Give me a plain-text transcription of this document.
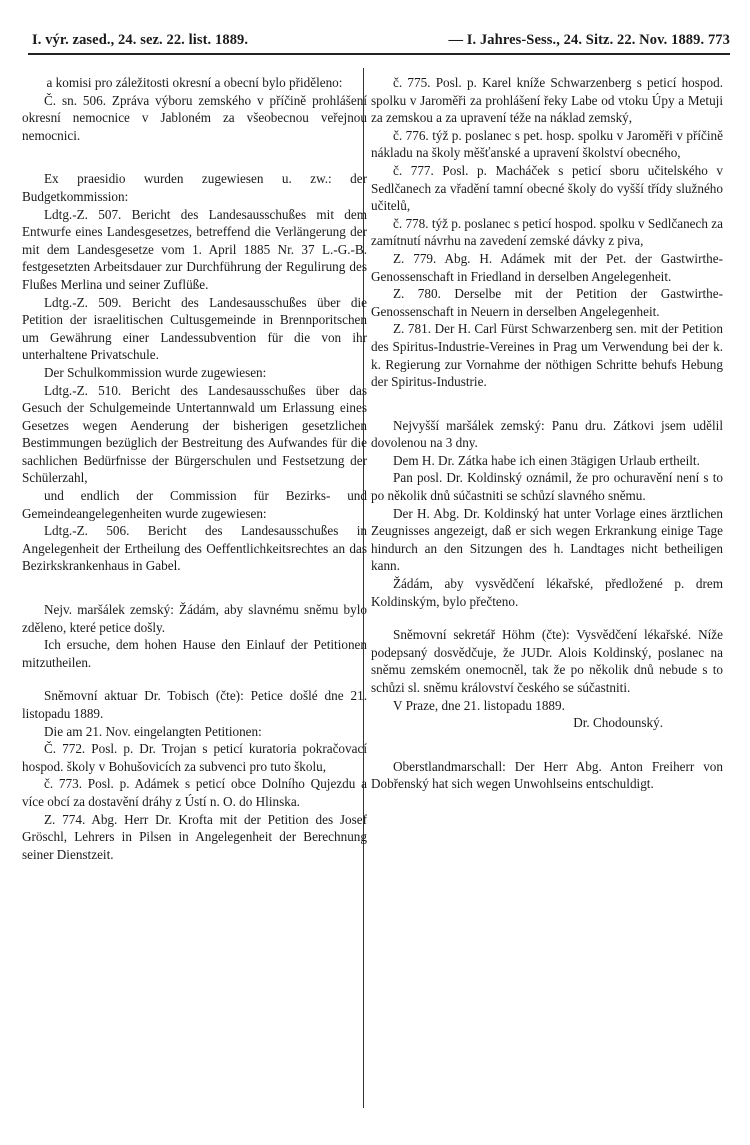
I. výr. zased., 24. sez. 22. list. 1889.	— I. Jahres-Sess., 24. Sitz. 22. Nov. 1889. 773

a komisi pro záležitosti okresní a obecní bylo přiděleno:

Č. sn. 506. Zpráva výboru zemského v příčině prohlášení okresní nemocnice v Jabloném za všeobecnou veřejnou nemocnici.

Ex praesidio wurden zugewiesen u. zw.: der Budgetkommission:

Ldtg.-Z. 507. Bericht des Landesausschußes mit dem Entwurfe eines Landesgesetzes, betreffend die Verlängerung der mit dem Landesgesetze vom 1. April 1885 Nr. 37 L.-G.-B. festgesetzten Arbeitsdauer zur Durchführung der Regulirung des Flußes Merlina und seiner Zuflüße.

Ldtg.-Z. 509. Bericht des Landesausschußes über die Petition der israelitischen Cultusgemeinde in Brennporitschen um Gewährung einer Landessubvention für die von ihr unterhaltene Privatschule.

Der Schulkommission wurde zugewiesen:

Ldtg.-Z. 510. Bericht des Landesausschußes über das Gesuch der Schulgemeinde Untertannwald um Erlassung eines Gesetzes wegen Aenderung der bisherigen gesetzlichen Bestimmungen bezüglich der Bestreitung des Aufwandes für die sachlichen Bedürfnisse der Bürgerschulen und Festsetzung der Schülerzahl,

und endlich der Commission für Bezirks- und Gemeindeangelegenheiten wurde zugewiesen:

Ldtg.-Z. 506. Bericht des Landesausschußes in Angelegenheit der Ertheilung des Oeffentlichkeitsrechtes an das Bezirkskrankenhaus in Gabel.

Nejv. maršálek zemský: Žádám, aby slavnému sněmu bylo zděleno, které petice došly.

Ich ersuche, dem hohen Hause den Einlauf der Petitionen mitzutheilen.

Sněmovní aktuar Dr. Tobisch (čte): Petice došlé dne 21. listopadu 1889.

Die am 21. Nov. eingelangten Petitionen:

Č. 772. Posl. p. Dr. Trojan s peticí kuratoria pokračovací hospod. školy v Bohušovicích za subvenci pro tuto školu,

č. 773. Posl. p. Adámek s peticí obce Dolního Qujezdu a více obcí za dostavění dráhy z Ústí n. O. do Hlinska.

Z. 774. Abg. Herr Dr. Krofta mit der Petition des Josef Gröschl, Lehrers in Pilsen in Angelegenheit der Berechnung seiner Dienstzeit.

č. 775. Posl. p. Karel kníže Schwarzenberg s peticí hospod. spolku v Jaroměři za prohlášení řeky Labe od vtoku Úpy a Metuji za zemskou a za upravení téže na náklad zemský,

č. 776. týž p. poslanec s pet. hosp. spolku v Jaroměři v příčině nákladu na školy měšťanské a upravení školství obecného,

č. 777. Posl. p. Macháček s peticí sboru učitelského v Sedlčanech za vřadění tamní obecné školy do vyšší třídy služného učitelů,

č. 778. týž p. poslanec s peticí hospod. spolku v Sedlčanech za zamítnutí návrhu na zavedení zemské dávky z piva,

Z. 779. Abg. H. Adámek mit der Pet. der Gastwirthe-Genossenschaft in Friedland in derselben Angelegenheit.

Z. 780. Derselbe mit der Petition der Gastwirthe-Genossenschaft in Neuern in derselben Angelegenheit.

Z. 781. Der H. Carl Fürst Schwarzenberg sen. mit der Petition des Spiritus-Industrie-Vereines in Prag um Verwendung bei der k. k. Regierung zur Vornahme der nöthigen Schritte behufs Hebung der Spiritus-Industrie.

Nejvyšší maršálek zemský: Panu dru. Zátkovi jsem udělil dovolenou na 3 dny.

Dem H. Dr. Zátka habe ich einen 3tägigen Urlaub ertheilt.

Pan posl. Dr. Koldinský oznámil, že pro ochuravění není s to po několik dnů súčastniti se schůzí slavného sněmu.

Der H. Abg. Dr. Koldinský hat unter Vorlage eines ärztlichen Zeugnisses angezeigt, daß er sich wegen Erkrankung einige Tage hindurch an den Sitzungen des h. Landtages nicht betheiligen kann.

Žádám, aby vysvědčení lékařské, předložené p. drem Koldinským, bylo přečteno.

Sněmovní sekretář Höhm (čte): Vysvědčení lékařské. Níže podepsaný dosvědčuje, že JUDr. Alois Koldinský, poslanec na sněmu zemském onemocněl, tak že po několik dnů nebude s to schůzi sl. sněmu království českého se súčastniti.

V Praze, dne 21. listopadu 1889.

Dr. Chodounský.

Oberstlandmarschall: Der Herr Abg. Anton Freiherr von Dobřenský hat sich wegen Unwohlseins entschuldigt.
